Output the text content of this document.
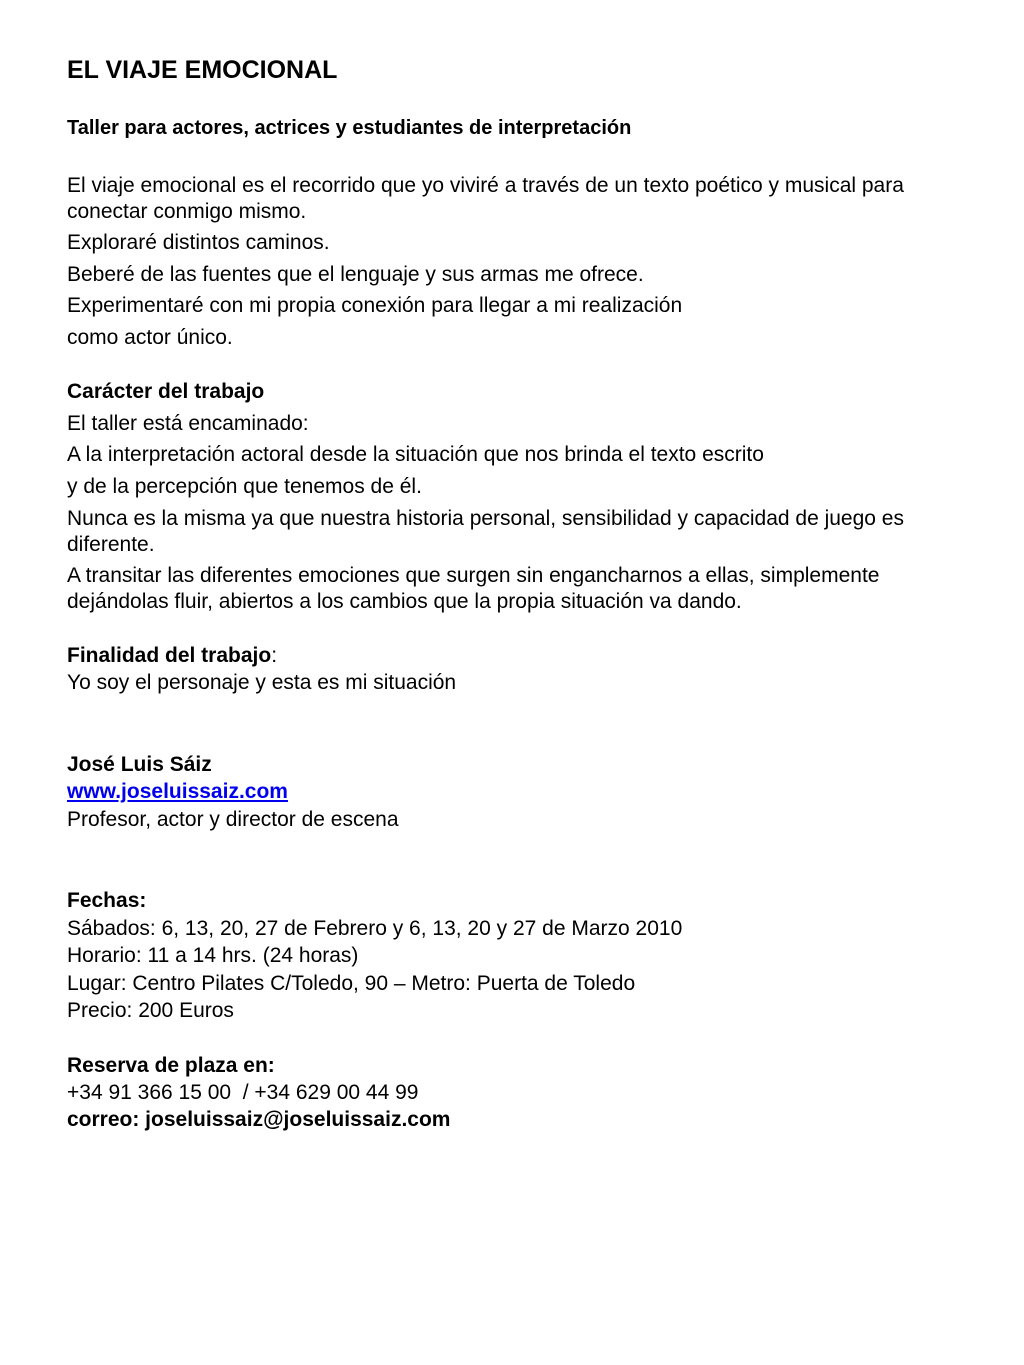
EL VIAJE EMOCIONAL
Taller para actores, actrices y estudiantes de interpretación

El viaje emocional es el recorrido que yo viviré a través de un texto poético y musical para conectar conmigo mismo.

Exploraré distintos caminos.

Beberé de las fuentes que el lenguaje y sus armas me ofrece.

Experimentaré con mi propia conexión para llegar a mi realización

como actor único.

Carácter del trabajo

El taller está encaminado:

A la interpretación actoral desde la situación que nos brinda el texto escrito

y de la percepción que tenemos de él.

Nunca es la misma ya que nuestra historia personal, sensibilidad y capacidad de juego es diferente.

A transitar las diferentes emociones que surgen sin engancharnos a ellas, simplemente dejándolas fluir, abiertos a los cambios que la propia situación va dando.

Finalidad del trabajo:

Yo soy el personaje y esta es mi situación

José Luis Sáiz

www.joseluissaiz.com

Profesor, actor y director de escena

Fechas:

Sábados: 6, 13, 20, 27 de Febrero y 6, 13, 20 y 27 de Marzo 2010

Horario: 11 a 14 hrs. (24 horas)

Lugar: Centro Pilates C/Toledo, 90 – Metro: Puerta de Toledo

Precio: 200 Euros

Reserva de plaza en:

+34 91 366 15 00  / +34 629 00 44 99

correo: joseluissaiz@joseluissaiz.com
